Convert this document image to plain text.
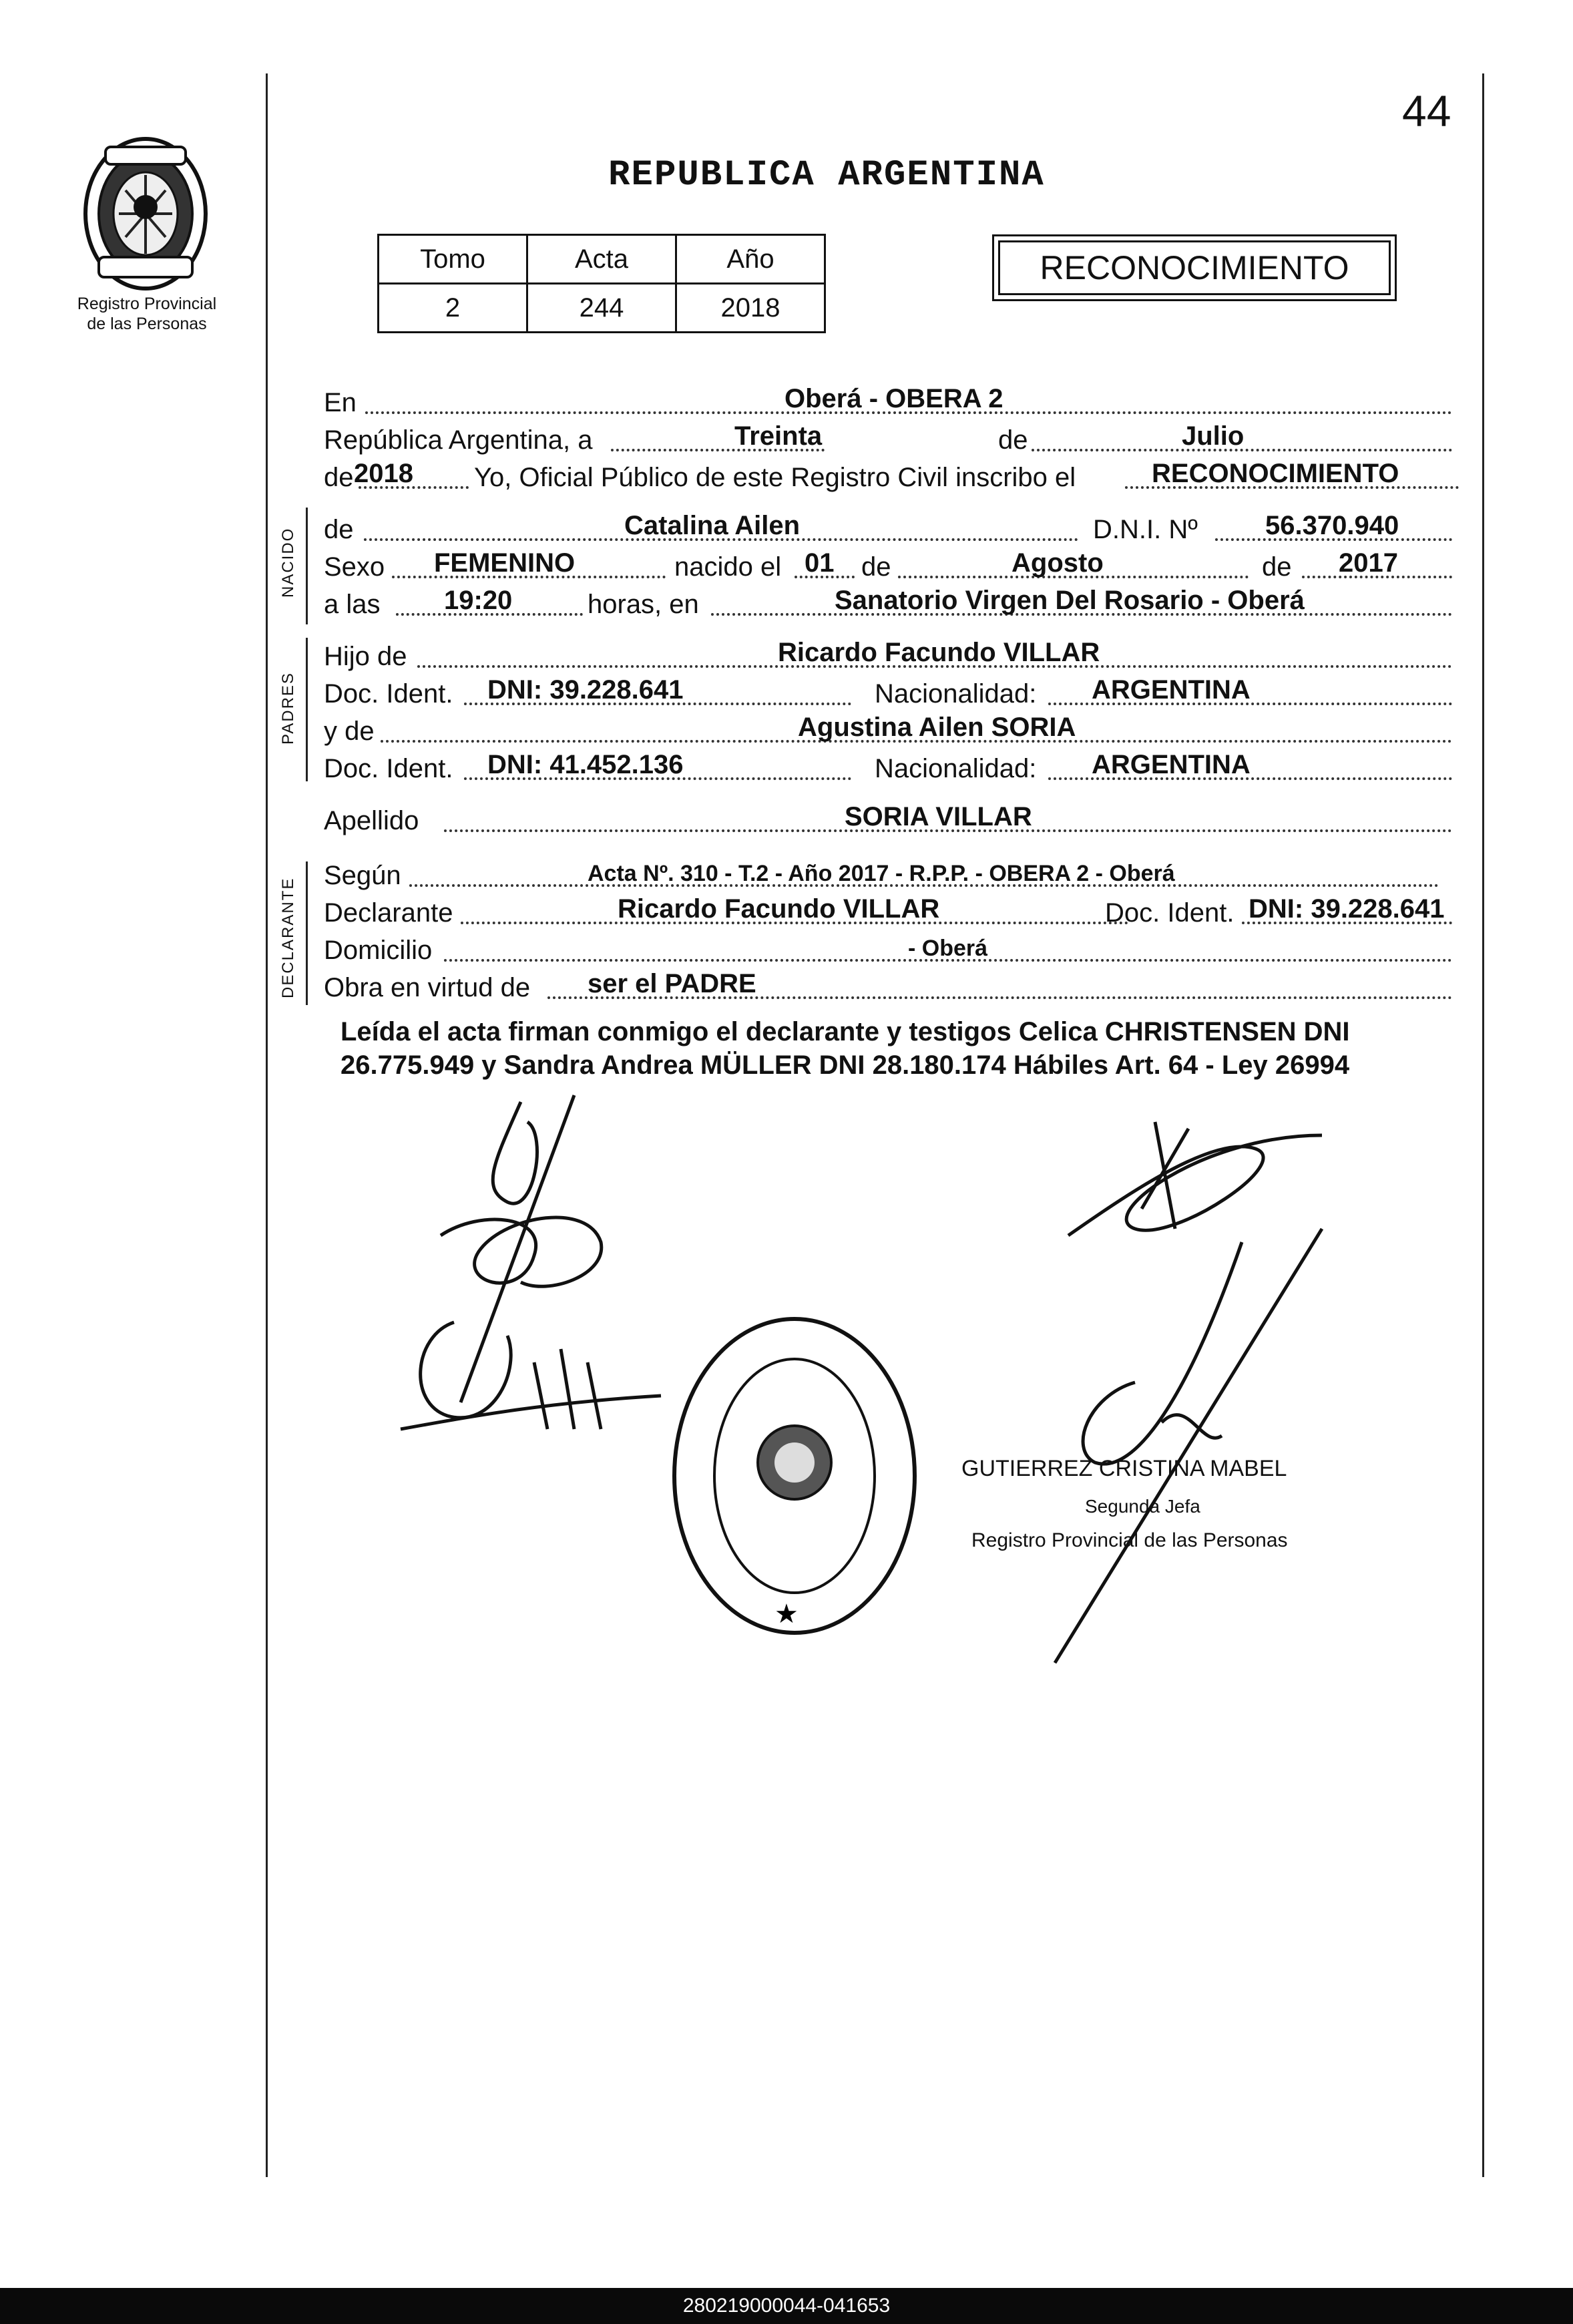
44
Registro Provincial
de las Personas
REPUBLICA ARGENTINA
Tomo	Acta	Año
2	244	2018
RECONOCIMIENTO
En	Oberá - OBERA 2
República Argentina, a	Treinta	de	Julio
de 2018 Yo, Oficial Público de este Registro Civil inscribo el	RECONOCIMIENTO
NACIDO de	Catalina Ailen	D.N.I. Nº	56.370.940
Sexo FEMENINO	nacido el 01 de	Agosto	de 2017
a las 19:20	horas, en	Sanatorio Virgen Del Rosario - Oberá
PADRES
Hijo de	Ricardo Facundo VILLAR
Doc. Ident. DNI: 39.228.641	Nacionalidad: ARGENTINA
y de	Agustina Ailen SORIA
Doc. Ident. DNI: 41.452.136	Nacionalidad: ARGENTINA
Apellido	SORIA VILLAR
DECLARANTE
Según	Acta Nº. 310 - T.2 - Año 2017 - R.P.P. - OBERA 2 - Oberá
Declarante	Ricardo Facundo VILLAR	Doc. Ident. DNI: 39.228.641
Domicilio	- Oberá
Obra en virtud de ser el PADRE
Leída el acta firman conmigo el declarante y testigos Celica CHRISTENSEN DNI 26.775.949 y Sandra Andrea MÜLLER DNI 28.180.174 Hábiles Art. 64 - Ley 26994
★
GUTIERREZ CRISTINA MABEL
Segunda Jefa
Registro Provincial de las Personas
280219000044-041653
